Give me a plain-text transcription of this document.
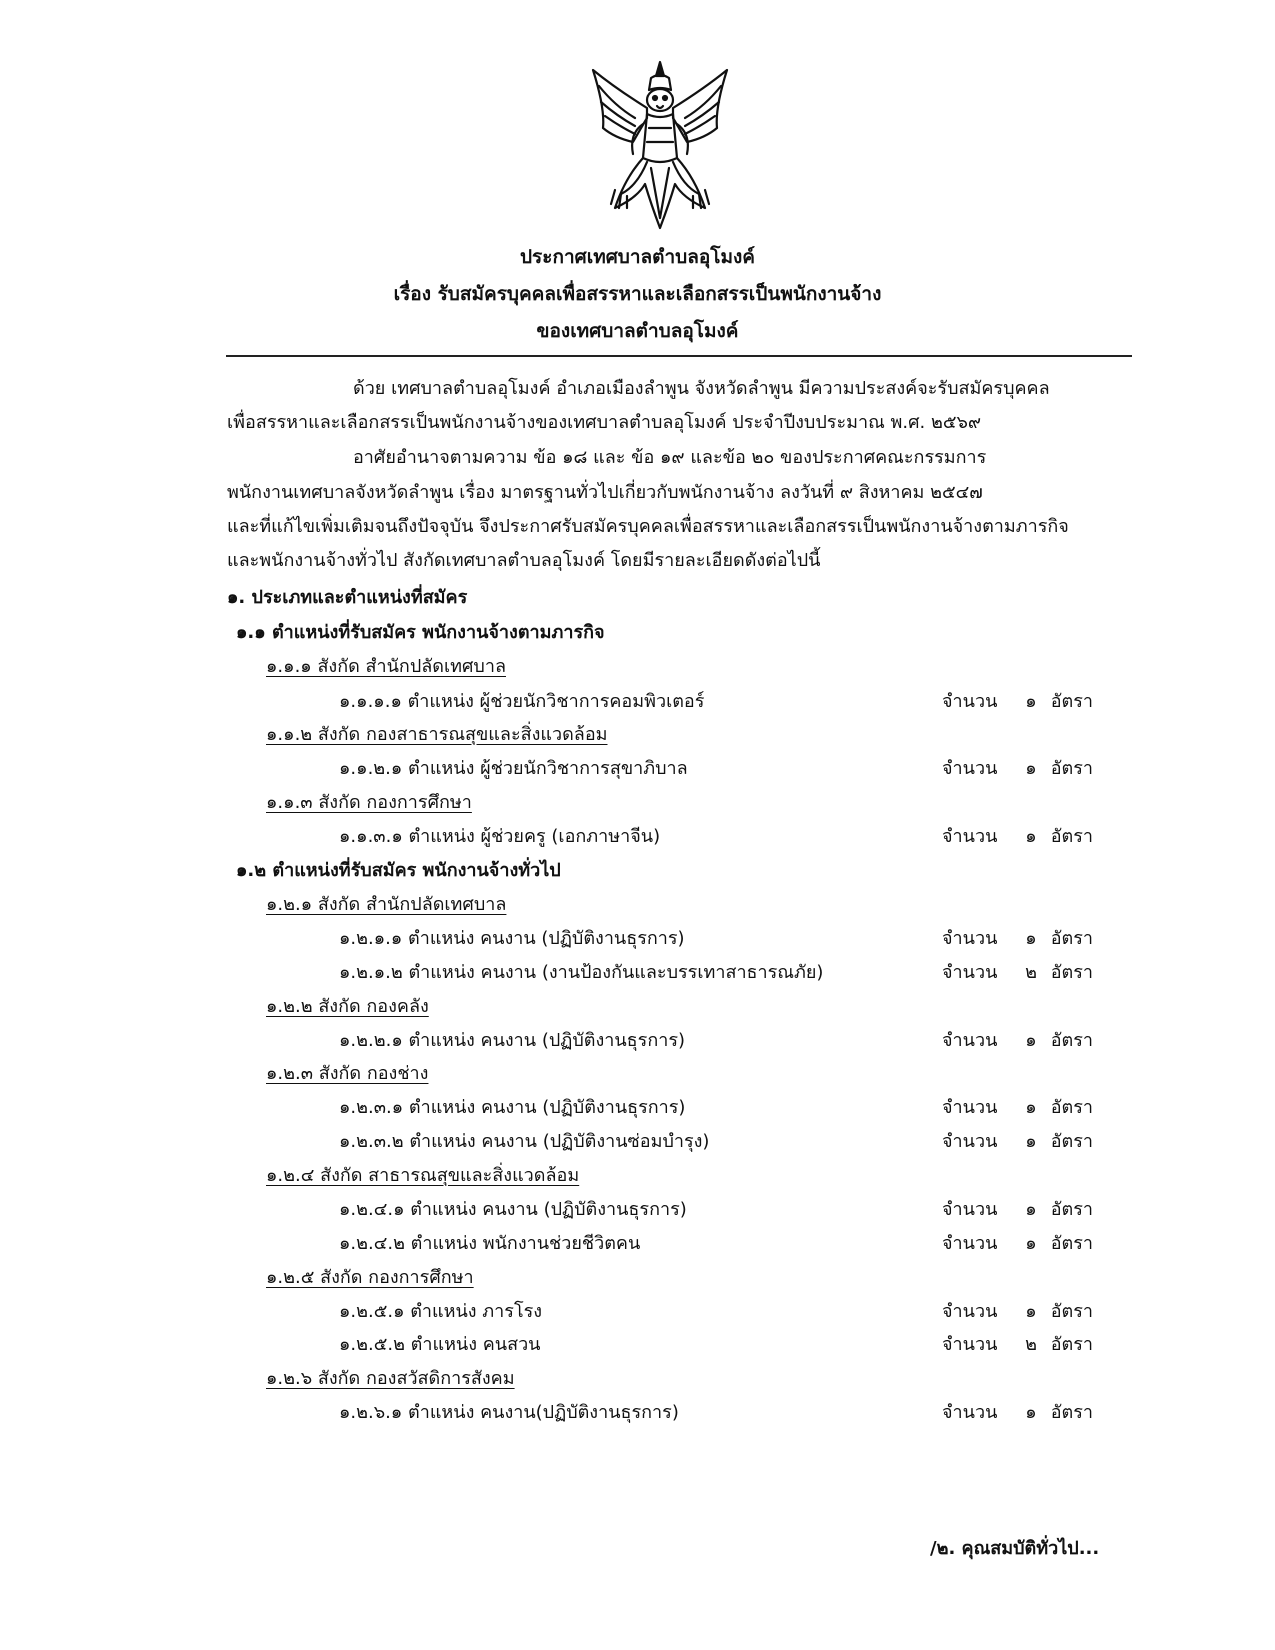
ประกาศเทศบาลตำบลอุโมงค์
เรื่อง รับสมัครบุคคลเพื่อสรรหาและเลือกสรรเป็นพนักงานจ้าง
ของเทศบาลตำบลอุโมงค์
ด้วย เทศบาลตำบลอุโมงค์ อำเภอเมืองลำพูน จังหวัดลำพูน มีความประสงค์จะรับสมัครบุคคล
เพื่อสรรหาและเลือกสรรเป็นพนักงานจ้างของเทศบาลตำบลอุโมงค์ ประจำปีงบประมาณ พ.ศ. ๒๕๖๙
อาศัยอำนาจตามความ ข้อ ๑๘ และ ข้อ ๑๙ และข้อ ๒๐ ของประกาศคณะกรรมการ
พนักงานเทศบาลจังหวัดลำพูน เรื่อง มาตรฐานทั่วไปเกี่ยวกับพนักงานจ้าง ลงวันที่ ๙ สิงหาคม ๒๕๔๗
และที่แก้ไขเพิ่มเติมจนถึงปัจจุบัน จึงประกาศรับสมัครบุคคลเพื่อสรรหาและเลือกสรรเป็นพนักงานจ้างตามภารกิจ
และพนักงานจ้างทั่วไป สังกัดเทศบาลตำบลอุโมงค์ โดยมีรายละเอียดดังต่อไปนี้
๑. ประเภทและตำแหน่งที่สมัคร
๑.๑ ตำแหน่งที่รับสมัคร พนักงานจ้างตามภารกิจ
๑.๑.๑ สังกัด สำนักปลัดเทศบาล
๑.๑.๑.๑ ตำแหน่ง ผู้ช่วยนักวิชาการคอมพิวเตอร์	จำนวน ๑ อัตรา
๑.๑.๒ สังกัด กองสาธารณสุขและสิ่งแวดล้อม
๑.๑.๒.๑ ตำแหน่ง ผู้ช่วยนักวิชาการสุขาภิบาล	จำนวน ๑ อัตรา
๑.๑.๓ สังกัด กองการศึกษา
๑.๑.๓.๑ ตำแหน่ง ผู้ช่วยครู (เอกภาษาจีน)	จำนวน ๑ อัตรา
๑.๒ ตำแหน่งที่รับสมัคร พนักงานจ้างทั่วไป
๑.๒.๑ สังกัด สำนักปลัดเทศบาล
๑.๒.๑.๑ ตำแหน่ง คนงาน (ปฏิบัติงานธุรการ)	จำนวน ๑ อัตรา
๑.๒.๑.๒ ตำแหน่ง คนงาน (งานป้องกันและบรรเทาสาธารณภัย)	จำนวน ๒ อัตรา
๑.๒.๒ สังกัด กองคลัง
๑.๒.๒.๑ ตำแหน่ง คนงาน (ปฏิบัติงานธุรการ)	จำนวน ๑ อัตรา
๑.๒.๓ สังกัด กองช่าง
๑.๒.๓.๑ ตำแหน่ง คนงาน (ปฏิบัติงานธุรการ)	จำนวน ๑ อัตรา
๑.๒.๓.๒ ตำแหน่ง คนงาน (ปฏิบัติงานซ่อมบำรุง)	จำนวน ๑ อัตรา
๑.๒.๔ สังกัด สาธารณสุขและสิ่งแวดล้อม
๑.๒.๔.๑ ตำแหน่ง คนงาน (ปฏิบัติงานธุรการ)	จำนวน ๑ อัตรา
๑.๒.๔.๒ ตำแหน่ง พนักงานช่วยชีวิตคน	จำนวน ๑ อัตรา
๑.๒.๕ สังกัด กองการศึกษา
๑.๒.๕.๑ ตำแหน่ง ภารโรง	จำนวน ๑ อัตรา
๑.๒.๕.๒ ตำแหน่ง คนสวน	จำนวน ๒ อัตรา
๑.๒.๖ สังกัด กองสวัสดิการสังคม
๑.๒.๖.๑ ตำแหน่ง คนงาน(ปฏิบัติงานธุรการ)	จำนวน ๑ อัตรา
/๒. คุณสมบัติทั่วไป...
